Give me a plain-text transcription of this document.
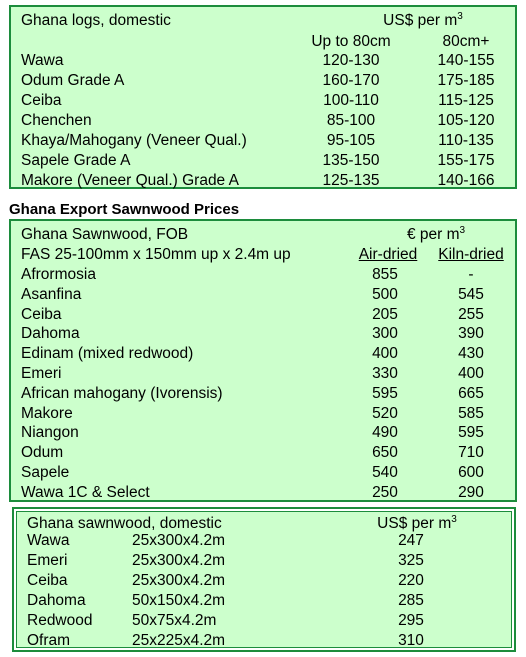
Ghana logs, domestic	US$ per $m^3$
Up to 80cm	80cm+
Wawa	120-130	140-155
Odum Grade A	160-170	175-185
Ceiba	100-110	115-125
Chenchen	85-100	105-120
Khaya/Mahogany (Veneer Qual.)	95-105	110-135
Sapele Grade A	135-150	155-175
Makore (Veneer Qual.) Grade A	125-135	140-166
Ghana Export Sawnwood Prices
Ghana Sawnwood, FOB	€ per $m^3$
FAS 25-100mm x 150mm up x 2.4m up	Air-dried Kiln-dried
Afrormosia	855	-
Asanfina	500	545
Ceiba	205	255
Dahoma	300	390
Edinam (mixed redwood)	400	430
Emeri	330	400
African mahogany (Ivorensis)	595	665
Makore	520	585
Niangon	490	595
Odum	650	710
Sapele	540	600
Wawa 1C & Select	250	290
Ghana sawnwood, domestic	US$ per $m^3$
Wawa	25x300x4.2m	247
Emeri	25x300x4.2m	325
Ceiba	25x300x4.2m	220
Dahoma	50x150x4.2m	285
Redwood	50x75x4.2m	295
Ofram	25x225x4.2m	310
